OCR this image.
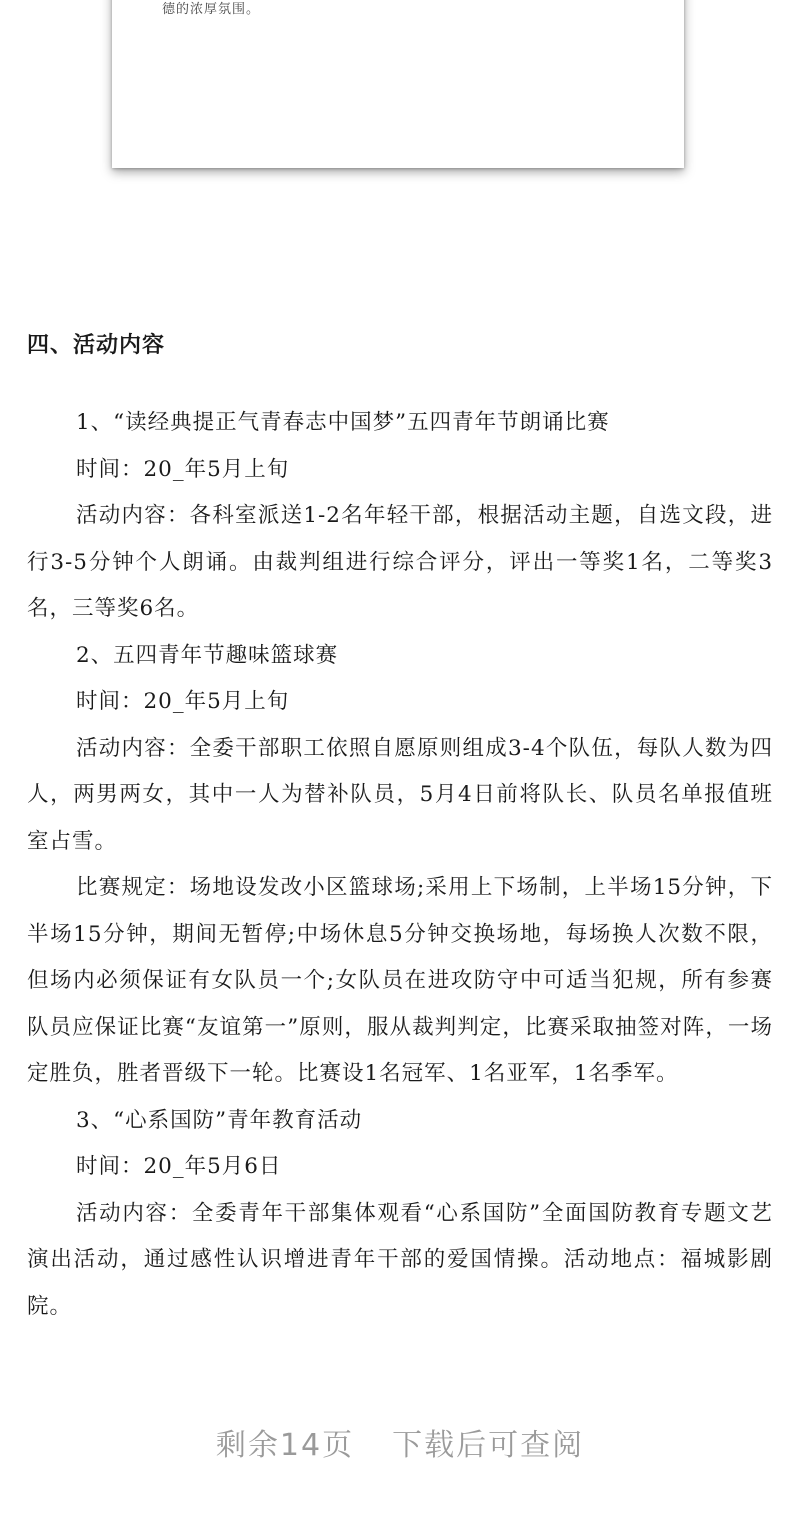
德的浓厚氛围。
四、活动内容

1、“读经典提正气青春志中国梦”五四青年节朗诵比赛

时间：20_年5月上旬

活动内容：各科室派送1-2名年轻干部，根据活动主题，自选文段，进行3-5分钟个人朗诵。由裁判组进行综合评分，评出一等奖1名，二等奖3名，三等奖6名。

2、五四青年节趣味篮球赛

时间：20_年5月上旬

活动内容：全委干部职工依照自愿原则组成3-4个队伍，每队人数为四人，两男两女，其中一人为替补队员，5月4日前将队长、队员名单报值班室占雪。

比赛规定：场地设发改小区篮球场;采用上下场制，上半场15分钟，下半场15分钟，期间无暂停;中场休息5分钟交换场地，每场换人次数不限，但场内必须保证有女队员一个;女队员在进攻防守中可适当犯规，所有参赛队员应保证比赛“友谊第一”原则，服从裁判判定，比赛采取抽签对阵，一场定胜负，胜者晋级下一轮。比赛设1名冠军、1名亚军，1名季军。

3、“心系国防”青年教育活动

时间：20_年5月6日

活动内容：全委青年干部集体观看“心系国防”全面国防教育专题文艺演出活动，通过感性认识增进青年干部的爱国情操。活动地点：福城影剧院。

剩余14页 下载后可查阅
